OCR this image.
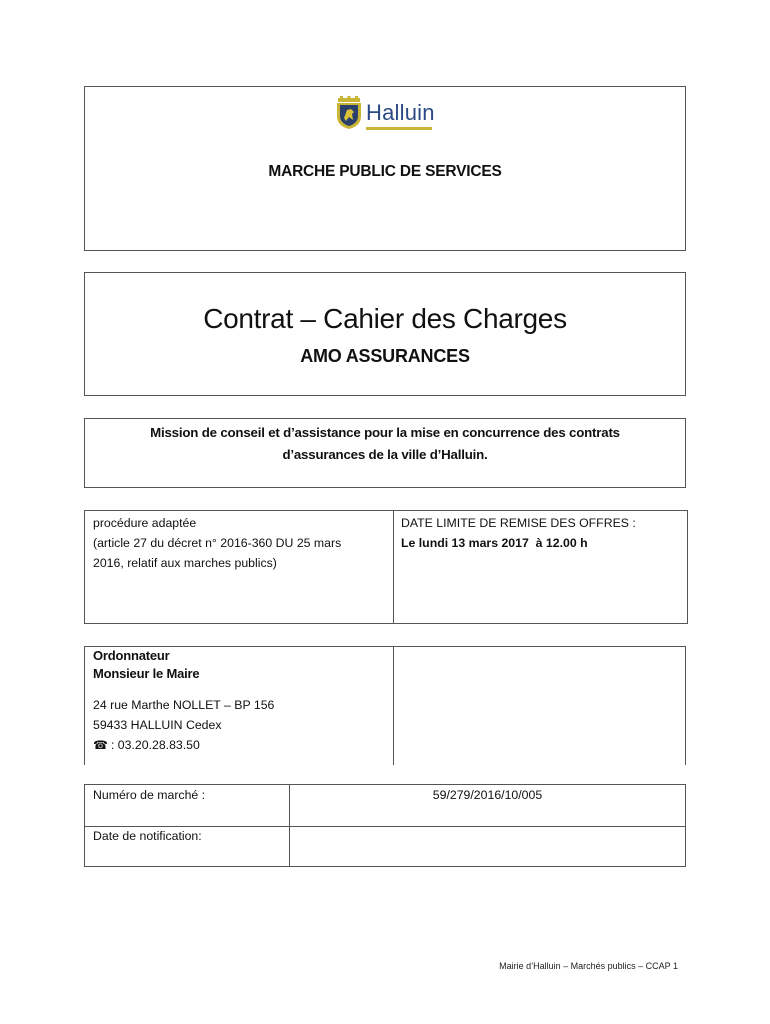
Halluin
MARCHE PUBLIC DE SERVICES
Contrat – Cahier des Charges
AMO ASSURANCES
Mission de conseil et d’assistance pour la mise en concurrence des contrats
d’assurances de la ville d’Halluin.
procédure adaptée
(article 27 du décret n° 2016-360 DU 25 mars
2016, relatif aux marches publics)
DATE LIMITE DE REMISE DES OFFRES :
Le lundi 13 mars 2017  à 12.00 h
Ordonnateur
Monsieur le Maire
24 rue Marthe NOLLET – BP 156
59433 HALLUIN Cedex
☎ : 03.20.28.83.50
Numéro de marché :	59/279/2016/10/005
Date de notification:
Mairie d’Halluin – Marchés publics – CCAP 1
